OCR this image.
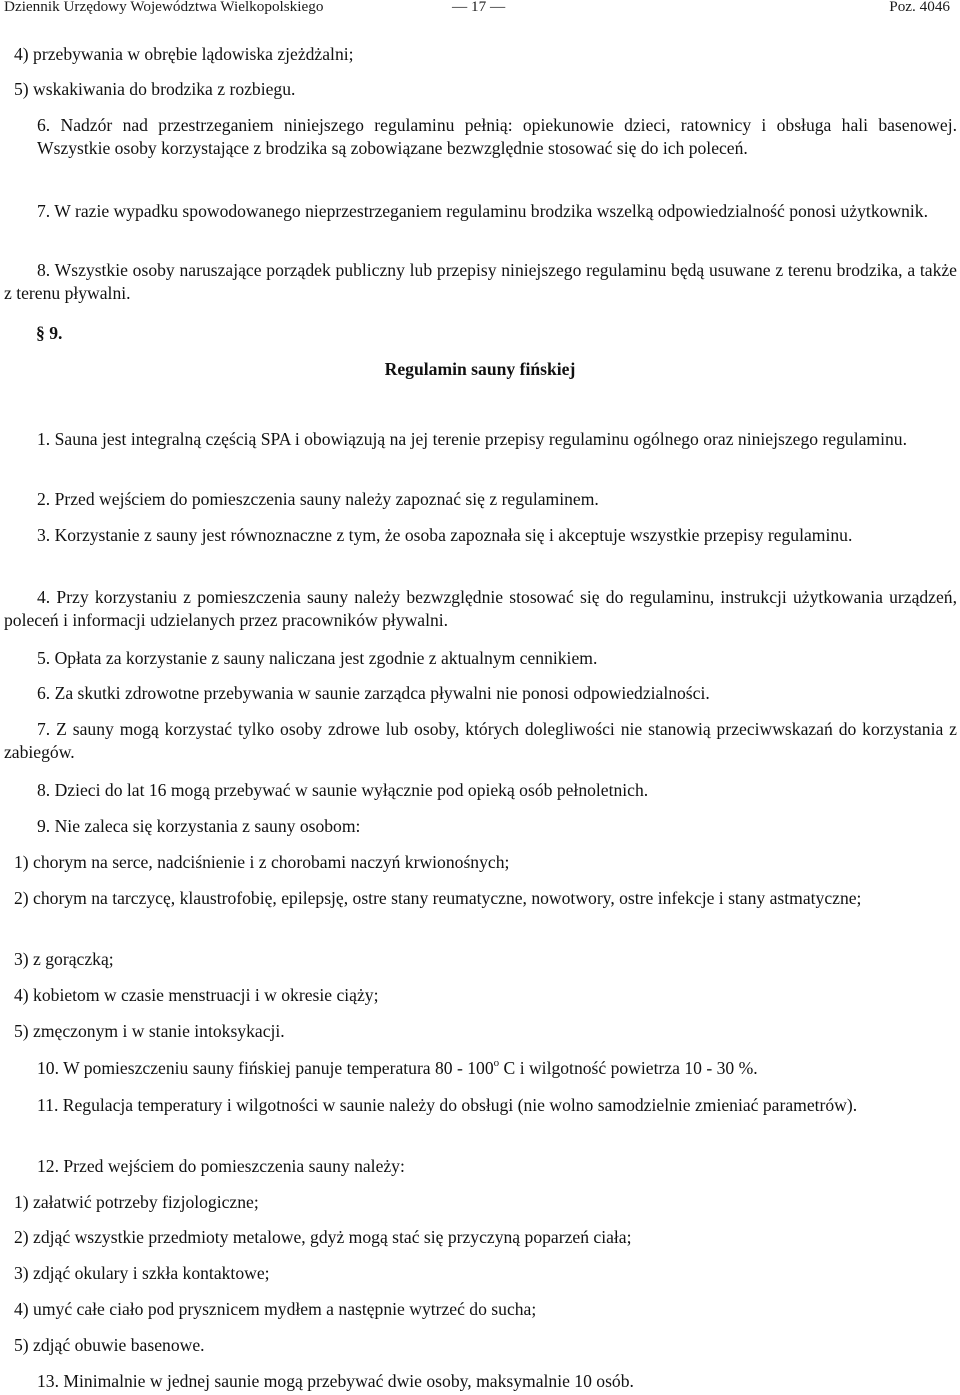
Dziennik Urzędowy Województwa Wielkopolskiego	— 17 —	Poz. 4046

4) przebywania w obrębie lądowiska zjeżdżalni;

5) wskakiwania do brodzika z rozbiegu.

6. Nadzór nad przestrzeganiem niniejszego regulaminu pełnią: opiekunowie dzieci, ratownicy i obsługa hali basenowej. Wszystkie osoby korzystające z brodzika są zobowiązane bezwzględnie stosować się do ich poleceń.

7. W razie wypadku spowodowanego nieprzestrzeganiem regulaminu brodzika wszelką odpowiedzialność ponosi użytkownik.

8. Wszystkie osoby naruszające porządek publiczny lub przepisy niniejszego regulaminu będą usuwane z terenu brodzika, a także z terenu pływalni.

§ 9.
Regulamin sauny fińskiej

1. Sauna jest integralną częścią SPA i obowiązują na jej terenie przepisy regulaminu ogólnego oraz niniejszego regulaminu.

2. Przed wejściem do pomieszczenia sauny należy zapoznać się z regulaminem.

3. Korzystanie z sauny jest równoznaczne z tym, że osoba zapoznała się i akceptuje wszystkie przepisy regulaminu.

4. Przy korzystaniu z pomieszczenia sauny należy bezwzględnie stosować się do regulaminu, instrukcji użytkowania urządzeń, poleceń i informacji udzielanych przez pracowników pływalni.

5. Opłata za korzystanie z sauny naliczana jest zgodnie z aktualnym cennikiem.

6. Za skutki zdrowotne przebywania w saunie zarządca pływalni nie ponosi odpowiedzialności.

7. Z sauny mogą korzystać tylko osoby zdrowe lub osoby, których dolegliwości nie stanowią przeciwwskazań do korzystania z zabiegów.

8. Dzieci do lat 16 mogą przebywać w saunie wyłącznie pod opieką osób pełnoletnich.

9. Nie zaleca się korzystania z sauny osobom:

1) chorym na serce, nadciśnienie i z chorobami naczyń krwionośnych;

2) chorym na tarczycę, klaustrofobię, epilepsję, ostre stany reumatyczne, nowotwory, ostre infekcje i stany astmatyczne;

3) z gorączką;

4) kobietom w czasie menstruacji i w okresie ciąży;

5) zmęczonym i w stanie intoksykacji.

10. W pomieszczeniu sauny fińskiej panuje temperatura 80 - 100$^o$ C i wilgotność powietrza 10 - 30 %.

11. Regulacja temperatury i wilgotności w saunie należy do obsługi (nie wolno samodzielnie zmieniać parametrów).

12. Przed wejściem do pomieszczenia sauny należy:

1) załatwić potrzeby fizjologiczne;

2) zdjąć wszystkie przedmioty metalowe, gdyż mogą stać się przyczyną poparzeń ciała;

3) zdjąć okulary i szkła kontaktowe;

4) umyć całe ciało pod prysznicem mydłem a następnie wytrzeć do sucha;

5) zdjąć obuwie basenowe.

13. Minimalnie w jednej saunie mogą przebywać dwie osoby, maksymalnie 10 osób.
